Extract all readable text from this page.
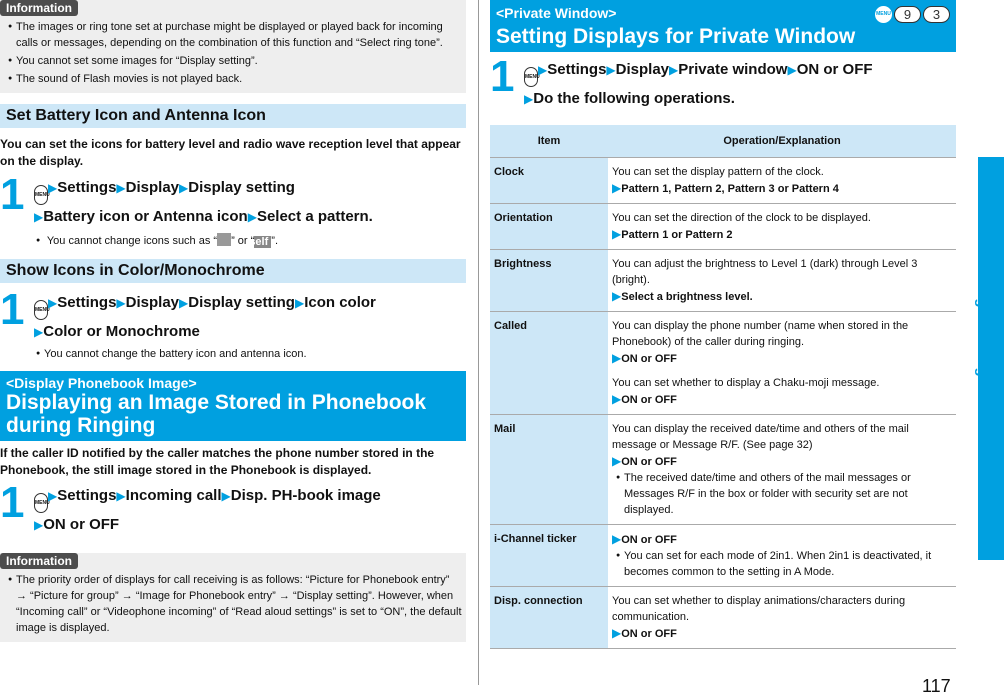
Information
● The images or ring tone set at purchase might be displayed or played back for incoming calls or messages, depending on the combination of this function and “Select ring tone”.
● You cannot set some images for “Display setting”.
● The sound of Flash movies is not played back.
Set Battery Icon and Antenna Icon
You can set the icons for battery level and radio wave reception level that appear on the display.
1 MENU▶Settings▶Display▶Display setting
▶Battery icon or Antenna icon▶Select a pattern.
● You cannot change icons such as “ ” or “self ”.
Show Icons in Color/Monochrome
1 MENU▶Settings▶Display▶Display setting▶Icon color
▶Color or Monochrome
● You cannot change the battery icon and antenna icon.
<Display Phonebook Image>
Displaying an Image Stored in Phonebook during Ringing
If the caller ID notified by the caller matches the phone number stored in the Phonebook, the still image stored in the Phonebook is displayed.
1 MENU▶Settings▶Incoming call▶Disp. PH-book image
▶ON or OFF
Information
● The priority order of displays for call receiving is as follows: “Picture for Phonebook entry” → “Picture for group” → “Image for Phonebook entry” → “Display setting”. However, when “Incoming call” or “Videophone incoming” of “Read aloud settings” is set to “ON”, the default image is displayed.
<Private Window>
Setting Displays for Private Window
MENU	9	3
1 MENU▶Settings▶Display▶Private window▶ON or OFF
▶Do the following operations.
Item	Operation/Explanation
Clock	You can set the display pattern of the clock.
▶Pattern 1, Pattern 2, Pattern 3 or Pattern 4

Orientation	You can set the direction of the clock to be displayed.
▶Pattern 1 or Pattern 2

Brightness	You can adjust the brightness to Level 1 (dark) through Level 3 (bright).
▶Select a brightness level.

Called	You can display the phone number (name when stored in the Phonebook) of the caller during ringing.
▶ON or OFF
You can set whether to display a Chaku-moji message.
▶ON or OFF

Mail	You can display the received date/time and others of the mail message or Message R/F. (See page 32)
▶ON or OFF
● The received date/time and others of the mail messages or Messages R/F in the box or folder with security set are not displayed.

i-Channel ticker	▶ON or OFF
● You can set for each mode of 2in1. When 2in1 is deactivated, it becomes common to the setting in A Mode.

Disp. connection	You can set whether to display animations/characters during communication.
▶ON or OFF
Sound/Screen/Light Settings
117
